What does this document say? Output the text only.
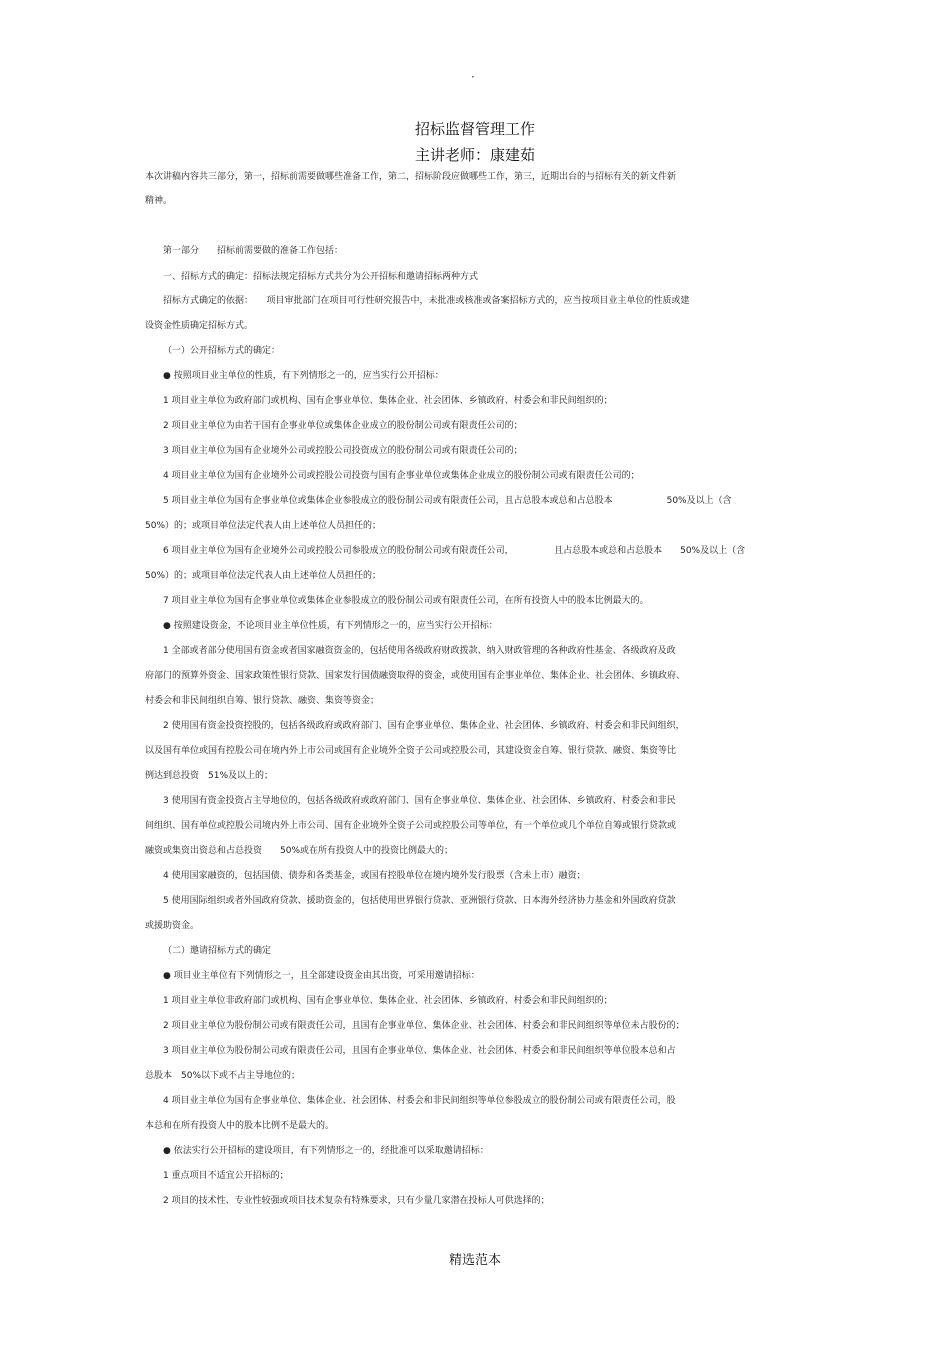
·
招标监督管理工作
主讲老师：康建茹
本次讲稿内容共三部分，第一，招标前需要做哪些准备工作，第二，招标阶段应做哪些工作，第三，近期出台的与招标有关的新文件新
精神。
第一部分　　招标前需要做的准备工作包括：
一、招标方式的确定：招标法规定招标方式共分为公开招标和邀请招标两种方式
招标方式确定的依据：　　项目审批部门在项目可行性研究报告中，未批准或核准或备案招标方式的，应当按项目业主单位的性质或建
设资金性质确定招标方式。
（一）公开招标方式的确定：
● 按照项目业主单位的性质，有下列情形之一的，应当实行公开招标：
1 项目业主单位为政府部门或机构、国有企事业单位、集体企业、社会团体、乡镇政府、村委会和非民间组织的；
2 项目业主单位为由若干国有企事业单位或集体企业成立的股份制公司或有限责任公司的；
3 项目业主单位为国有企业境外公司或控股公司投资成立的股份制公司或有限责任公司的；
4 项目业主单位为国有企业境外公司或控股公司投资与国有企事业单位或集体企业成立的股份制公司或有限责任公司的；
5 项目业主单位为国有企事业单位或集体企业参股成立的股份制公司或有限责任公司，且占总股本或总和占总股本　　　　　　50%及以上（含
50%）的；或项目单位法定代表人由上述单位人员担任的；
6 项目业主单位为国有企业境外公司或控股公司参股成立的股份制公司或有限责任公司，　　　　　且占总股本或总和占总股本　　50%及以上（含
50%）的；或项目单位法定代表人由上述单位人员担任的；
7 项目业主单位为国有企事业单位或集体企业参股成立的股份制公司或有限责任公司，在所有投资人中的股本比例最大的。
● 按照建设资金，不论项目业主单位性质，有下列情形之一的，应当实行公开招标：
1 全部或者部分使用国有资金或者国家融资资金的，包括使用各级政府财政拨款、纳入财政管理的各种政府性基金、各级政府及政
府部门的预算外资金、国家政策性银行贷款、国家发行国债融资取得的资金，或使用国有企事业单位、集体企业、社会团体、乡镇政府、
村委会和非民间组织自筹、银行贷款、融资、集资等资金；
2 使用国有资金投资控股的，包括各级政府或政府部门、国有企事业单位、集体企业、社会团体、乡镇政府、村委会和非民间组织，
以及国有单位或国有控股公司在境内外上市公司或国有企业境外全资子公司或控股公司，其建设资金自筹、银行贷款、融资、集资等比
例达到总投资　51%及以上的；
3 使用国有资金投资占主导地位的，包括各级政府或政府部门、国有企事业单位、集体企业、社会团体、乡镇政府、村委会和非民
间组织、国有单位或控股公司境内外上市公司、国有企业境外全资子公司或控股公司等单位，有一个单位或几个单位自筹或银行贷款或
融资或集资出资总和占总投资　　50%或在所有投资人中的投资比例最大的；
4 使用国家融资的，包括国债、债券和各类基金，或国有控股单位在境内境外发行股票（含未上市）融资；
5 使用国际组织或者外国政府贷款、援助资金的，包括使用世界银行贷款、亚洲银行贷款、日本海外经济协力基金和外国政府贷款
或援助资金。
（二）邀请招标方式的确定
● 项目业主单位有下列情形之一，且全部建设资金由其出资，可采用邀请招标：
1 项目业主单位非政府部门或机构、国有企事业单位、集体企业、社会团体、乡镇政府、村委会和非民间组织的；
2 项目业主单位为股份制公司或有限责任公司，且国有企事业单位、集体企业、社会团体、村委会和非民间组织等单位未占股份的；
3 项目业主单位为股份制公司或有限责任公司，且国有企事业单位、集体企业、社会团体、村委会和非民间组织等单位股本总和占
总股本　50%以下或不占主导地位的；
4 项目业主单位为国有企事业单位、集体企业、社会团体、村委会和非民间组织等单位参股成立的股份制公司或有限责任公司，股
本总和在所有投资人中的股本比例不是最大的。
● 依法实行公开招标的建设项目，有下列情形之一的，经批准可以采取邀请招标：
1 重点项目不适宜公开招标的；
2 项目的技术性、专业性较强或项目技术复杂有特殊要求，只有少量几家潜在投标人可供选择的；
精选范本
